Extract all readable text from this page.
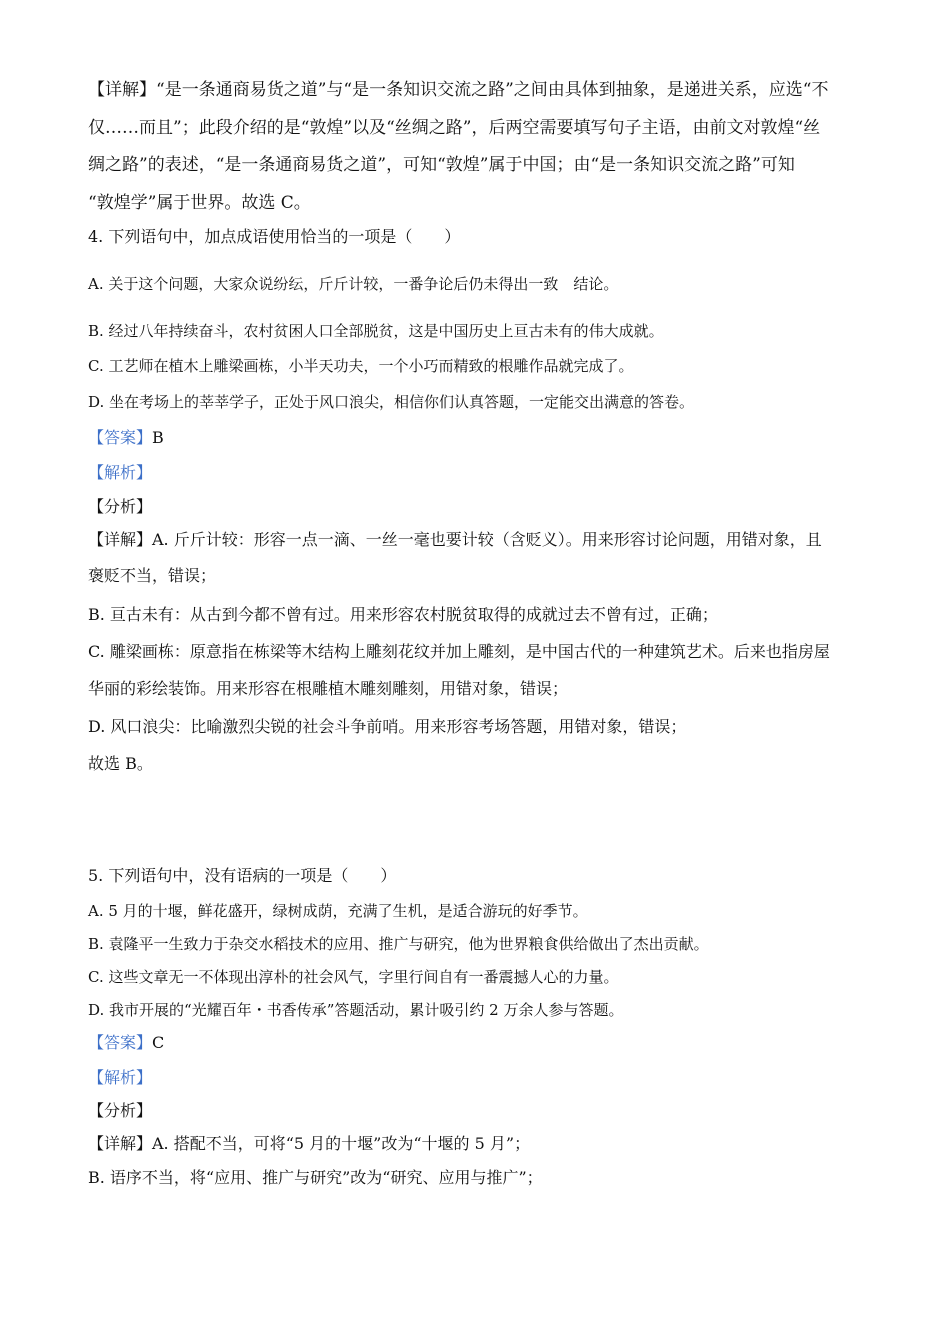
【详解】“是一条通商易货之道”与“是一条知识交流之路”之间由具体到抽象，是递进关系，应选“不
仅……而且”；此段介绍的是“敦煌”以及“丝绸之路”，后两空需要填写句子主语，由前文对敦煌“丝
绸之路”的表述，“是一条通商易货之道”，可知“敦煌”属于中国；由“是一条知识交流之路”可知
“敦煌学”属于世界。故选 C。
4. 下列语句中，加点成语使用恰当的一项是（　　）
A. 关于这个问题，大家众说纷纭，斤斤计较，一番争论后仍未得出一致　结论。
B. 经过八年持续奋斗，农村贫困人口全部脱贫，这是中国历史上亘古未有的伟大成就。
C. 工艺师在植木上雕梁画栋，小半天功夫，一个小巧而精致的根雕作品就完成了。
D. 坐在考场上的莘莘学子，正处于风口浪尖，相信你们认真答题，一定能交出满意的答卷。
【答案】B
【解析】
【分析】
【详解】A. 斤斤计较：形容一点一滴、一丝一毫也要计较（含贬义）。用来形容讨论问题，用错对象，且
褒贬不当，错误；
B. 亘古未有：从古到今都不曾有过。用来形容农村脱贫取得的成就过去不曾有过，正确；
C. 雕梁画栋：原意指在栋梁等木结构上雕刻花纹并加上雕刻，是中国古代的一种建筑艺术。后来也指房屋
华丽的彩绘装饰。用来形容在根雕植木雕刻雕刻，用错对象，错误；
D. 风口浪尖：比喻激烈尖锐的社会斗争前哨。用来形容考场答题，用错对象，错误；
故选 B。
5. 下列语句中，没有语病的一项是（　　）
A. 5 月的十堰，鲜花盛开，绿树成荫，充满了生机，是适合游玩的好季节。
B. 袁隆平一生致力于杂交水稻技术的应用、推广与研究，他为世界粮食供给做出了杰出贡献。
C. 这些文章无一不体现出淳朴的社会风气，字里行间自有一番震撼人心的力量。
D. 我市开展的“光耀百年・书香传承”答题活动，累计吸引约 2 万余人参与答题。
【答案】C
【解析】
【分析】
【详解】A. 搭配不当，可将“5 月的十堰”改为“十堰的 5 月”；
B. 语序不当，将“应用、推广与研究”改为“研究、应用与推广”；
